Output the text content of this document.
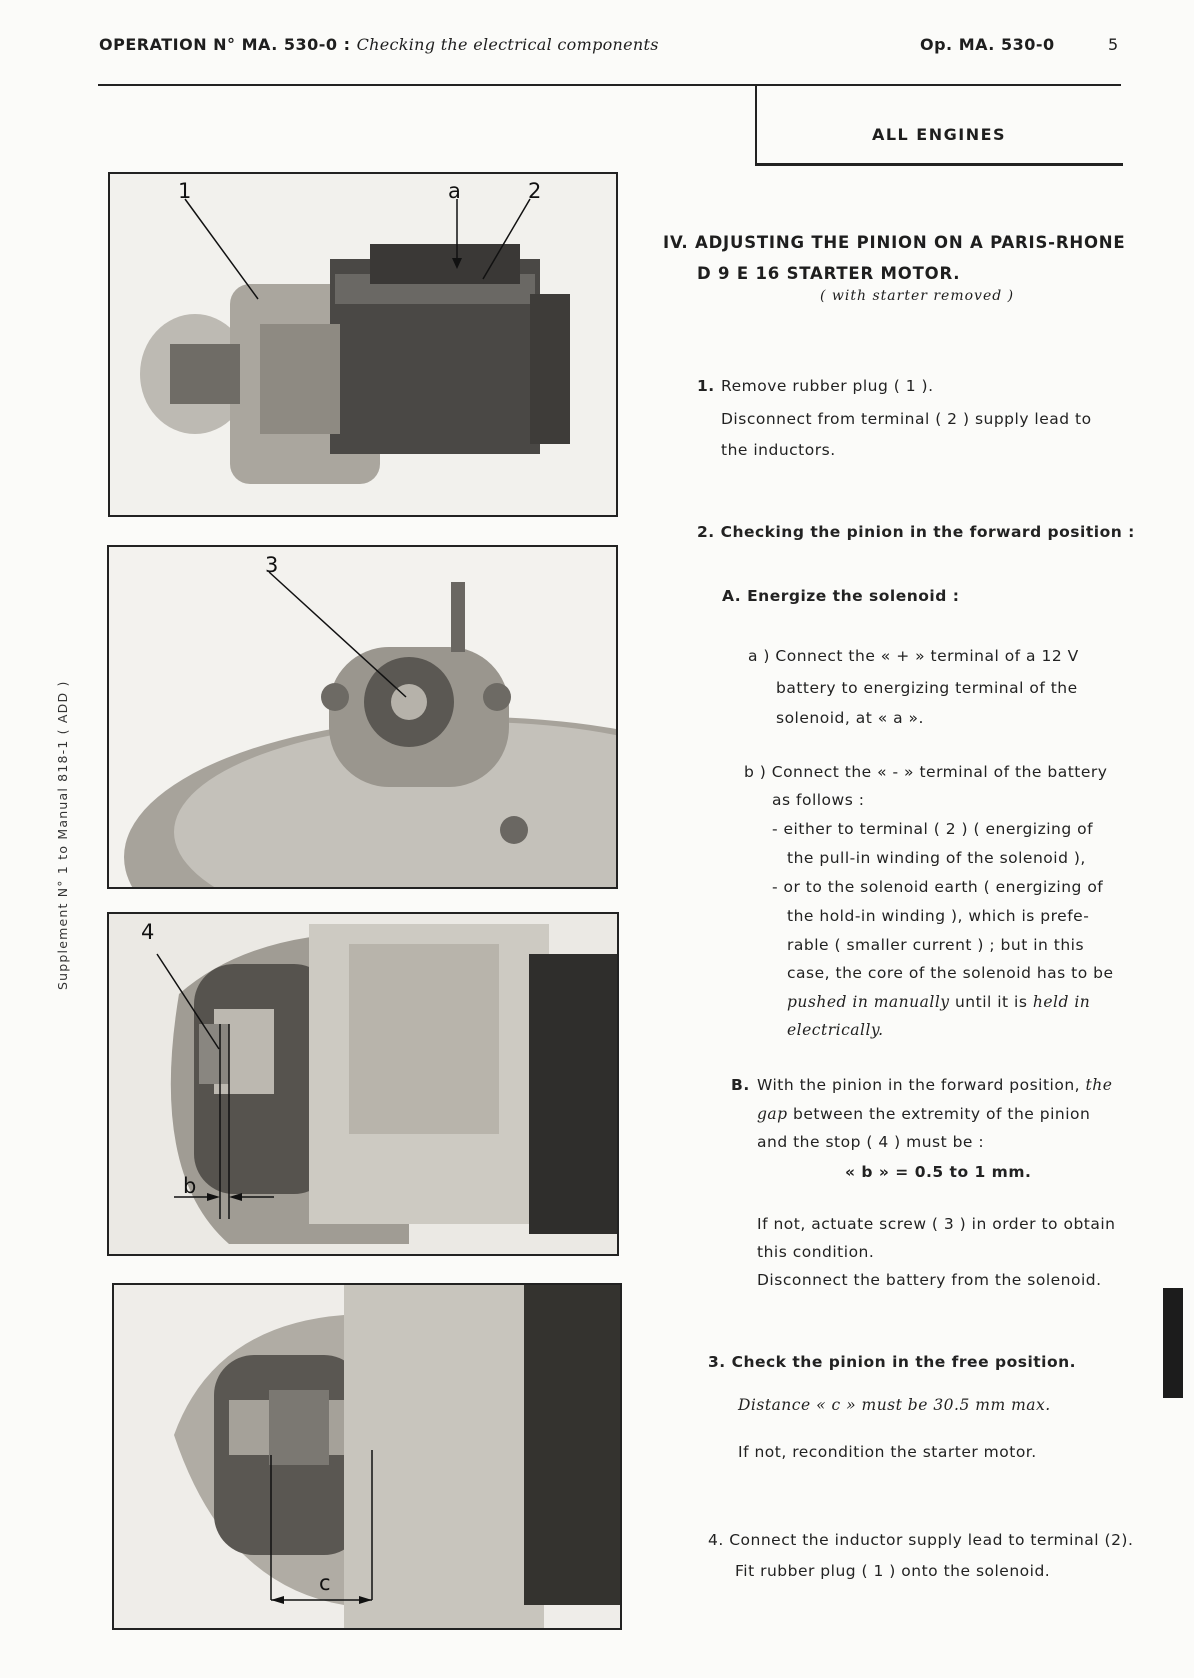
OPERATION N° MA. 530-0 : Checking the electrical components	Op. MA. 530-0	5
ALL ENGINES
Supplement N° 1 to Manual 818-1 ( ADD )
1	a	2
3
4
b
c
IV. ADJUSTING THE PINION ON A PARIS-RHONE
D 9 E 16 STARTER MOTOR.
( with starter removed )
1. Remove rubber plug ( 1 ).
Disconnect from terminal ( 2 ) supply lead to
the inductors.
2. Checking the pinion in the forward position :
A. Energize the solenoid :
a ) Connect the « + » terminal of a 12 V
battery to energizing terminal of the
solenoid, at « a ».
b ) Connect the « - » terminal of the battery
as follows :
- either to terminal ( 2 ) ( energizing of
the pull-in winding of the solenoid ),
- or to the solenoid earth ( energizing of
the hold-in winding ), which is prefe-
rable ( smaller current ) ; but in this
case, the core of the solenoid has to be
pushed in manually until it is held in
electrically.
B. With the pinion in the forward position, the
gap between the extremity of the pinion
and the stop ( 4 ) must be :
« b » = 0.5 to 1 mm.
If not, actuate screw ( 3 ) in order to obtain
this condition.
Disconnect the battery from the solenoid.
3. Check the pinion in the free position.
Distance « c » must be 30.5 mm max.
If not, recondition the starter motor.
4. Connect the inductor supply lead to terminal (2).
Fit rubber plug ( 1 ) onto the solenoid.
